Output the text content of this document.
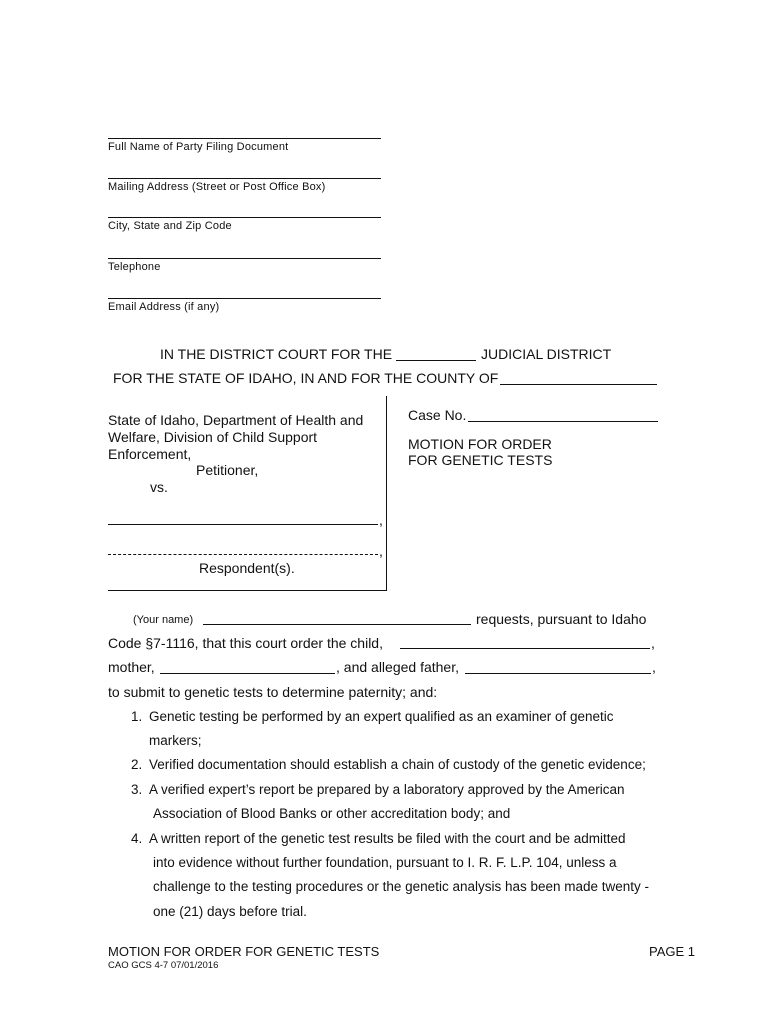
Full Name of Party Filing Document
Mailing Address (Street or Post Office Box)
City, State and Zip Code
Telephone
Email Address (if any)
IN THE DISTRICT COURT FOR THE	JUDICIAL DISTRICT
FOR THE STATE OF IDAHO, IN AND FOR THE COUNTY OF
State of Idaho, Department of Health and
Welfare, Division of Child Support
Enforcement,
Petitioner,
vs.
,
,
Respondent(s).
Case No.
MOTION FOR ORDER
FOR GENETIC TESTS
(Your name)	requests, pursuant to Idaho
Code §7-1116, that this court order the child,	,
mother,	, and alleged father,	,
to submit to genetic tests to determine paternity; and:
1. Genetic testing be performed by an expert qualified as an examiner of genetic
markers;
2. Verified documentation should establish a chain of custody of the genetic evidence;
3. A verified expert’s report be prepared by a laboratory approved by the American
Association of Blood Banks or other accreditation body; and
4. A written report of the genetic test results be filed with the court and be admitted
into evidence without further foundation, pursuant to I. R. F. L.P. 104, unless a
challenge to the testing procedures or the genetic analysis has been made twenty -
one (21) days before trial.
MOTION FOR ORDER FOR GENETIC TESTS	PAGE 1
CAO GCS 4-7 07/01/2016
